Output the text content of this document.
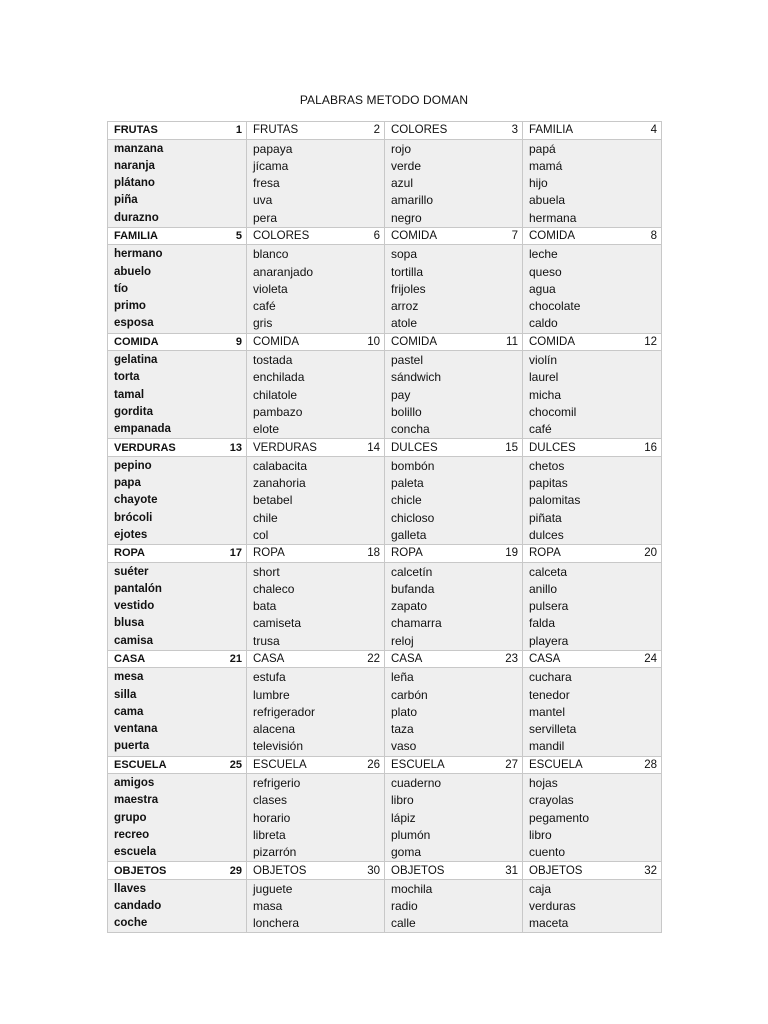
PALABRAS METODO DOMAN
FRUTAS	1
manzana
naranja
plátano
piña
durazno
FRUTAS	2
papaya
jícama
fresa
uva
pera
COLORES	3
rojo
verde
azul
amarillo
negro
FAMILIA	4
papá
mamá
hijo
abuela
hermana
FAMILIA	5
hermano
abuelo
tío
primo
esposa
COLORES	6
blanco
anaranjado
violeta
café
gris
COMIDA	7
sopa
tortilla
frijoles
arroz
atole
COMIDA	8
leche
queso
agua
chocolate
caldo
COMIDA	9
gelatina
torta
tamal
gordita
empanada
COMIDA	10
tostada
enchilada
chilatole
pambazo
elote
COMIDA	11
pastel
sándwich
pay
bolillo
concha
COMIDA	12
violín
laurel
micha
chocomil
café
VERDURAS	13
pepino
papa
chayote
brócoli
ejotes
VERDURAS	14
calabacita
zanahoria
betabel
chile
col
DULCES	15
bombón
paleta
chicle
chicloso
galleta
DULCES	16
chetos
papitas
palomitas
piñata
dulces
ROPA	17
suéter
pantalón
vestido
blusa
camisa
ROPA	18
short
chaleco
bata
camiseta
trusa
ROPA	19
calcetín
bufanda
zapato
chamarra
reloj
ROPA	20
calceta
anillo
pulsera
falda
playera
CASA	21
mesa
silla
cama
ventana
puerta
CASA	22
estufa
lumbre
refrigerador
alacena
televisión
CASA	23
leña
carbón
plato
taza
vaso
CASA	24
cuchara
tenedor
mantel
servilleta
mandil
ESCUELA	25
amigos
maestra
grupo
recreo
escuela
ESCUELA	26
refrigerio
clases
horario
libreta
pizarrón
ESCUELA	27
cuaderno
libro
lápiz
plumón
goma
ESCUELA	28
hojas
crayolas
pegamento
libro
cuento
OBJETOS	29
llaves
candado
coche
OBJETOS	30
juguete
masa
lonchera
OBJETOS	31
mochila
radio
calle
OBJETOS	32
caja
verduras
maceta
